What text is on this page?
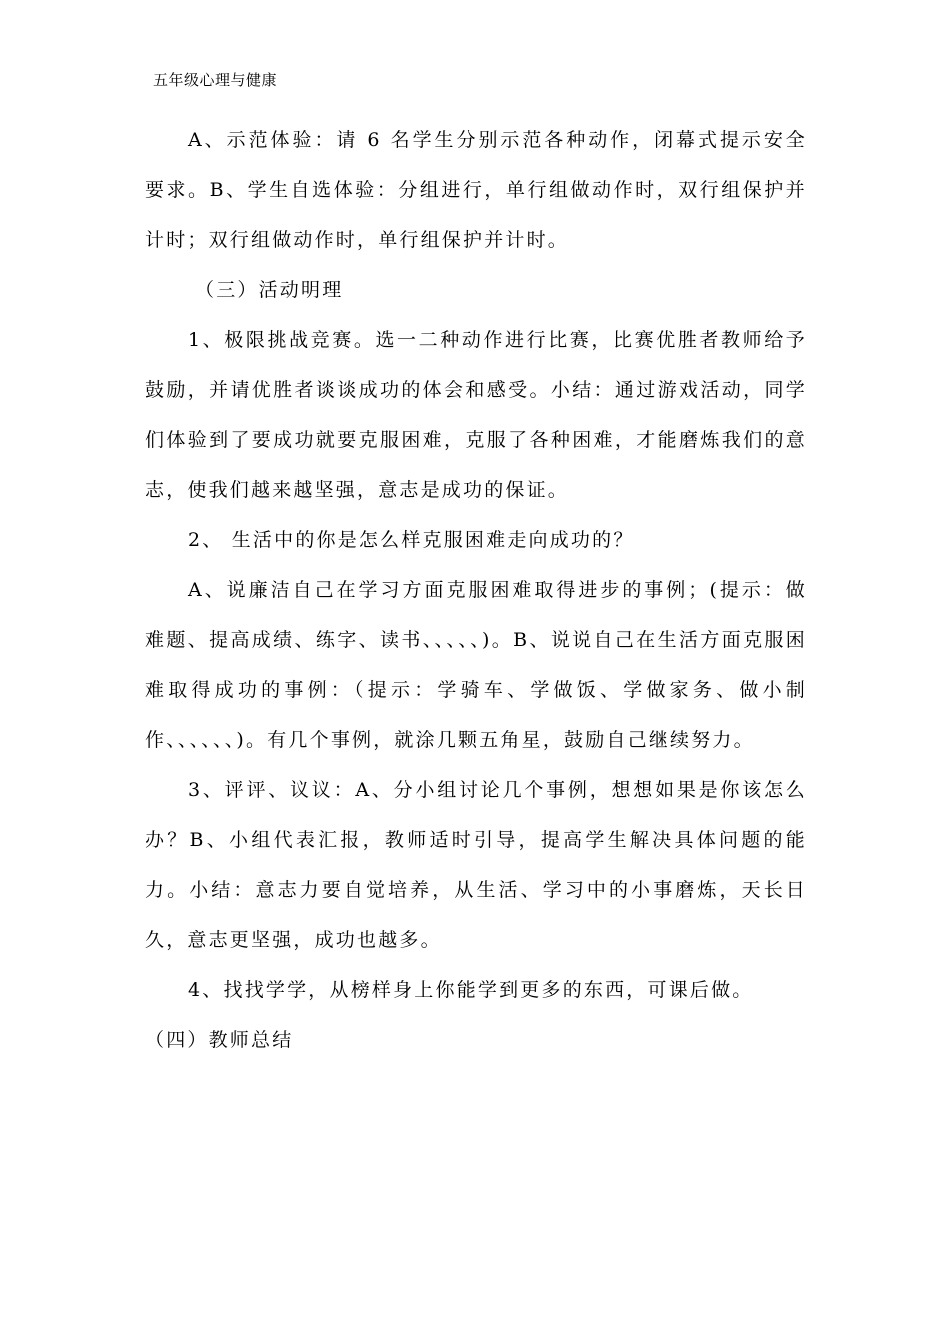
五年级心理与健康

A、示范体验：请 6 名学生分别示范各种动作，闭幕式提示安全要求。B、学生自选体验：分组进行，单行组做动作时，双行组保护并计时；双行组做动作时，单行组保护并计时。

（三）活动明理

1、极限挑战竞赛。选一二种动作进行比赛，比赛优胜者教师给予鼓励，并请优胜者谈谈成功的体会和感受。小结：通过游戏活动，同学们体验到了要成功就要克服困难，克服了各种困难，才能磨炼我们的意志，使我们越来越坚强，意志是成功的保证。

2、 生活中的你是怎么样克服困难走向成功的？

A、说廉洁自己在学习方面克服困难取得进步的事例；(提示：做难题、提高成绩、练字、读书、、、、、)。B、说说自己在生活方面克服困难取得成功的事例：（提示：学骑车、学做饭、学做家务、做小制作、、、、、、)。有几个事例，就涂几颗五角星，鼓励自己继续努力。

3、评评、议议：A、分小组讨论几个事例，想想如果是你该怎么办？B、小组代表汇报，教师适时引导，提高学生解决具体问题的能力。小结：意志力要自觉培养，从生活、学习中的小事磨炼，天长日久，意志更坚强，成功也越多。

4、找找学学，从榜样身上你能学到更多的东西，可课后做。

（四）教师总结
